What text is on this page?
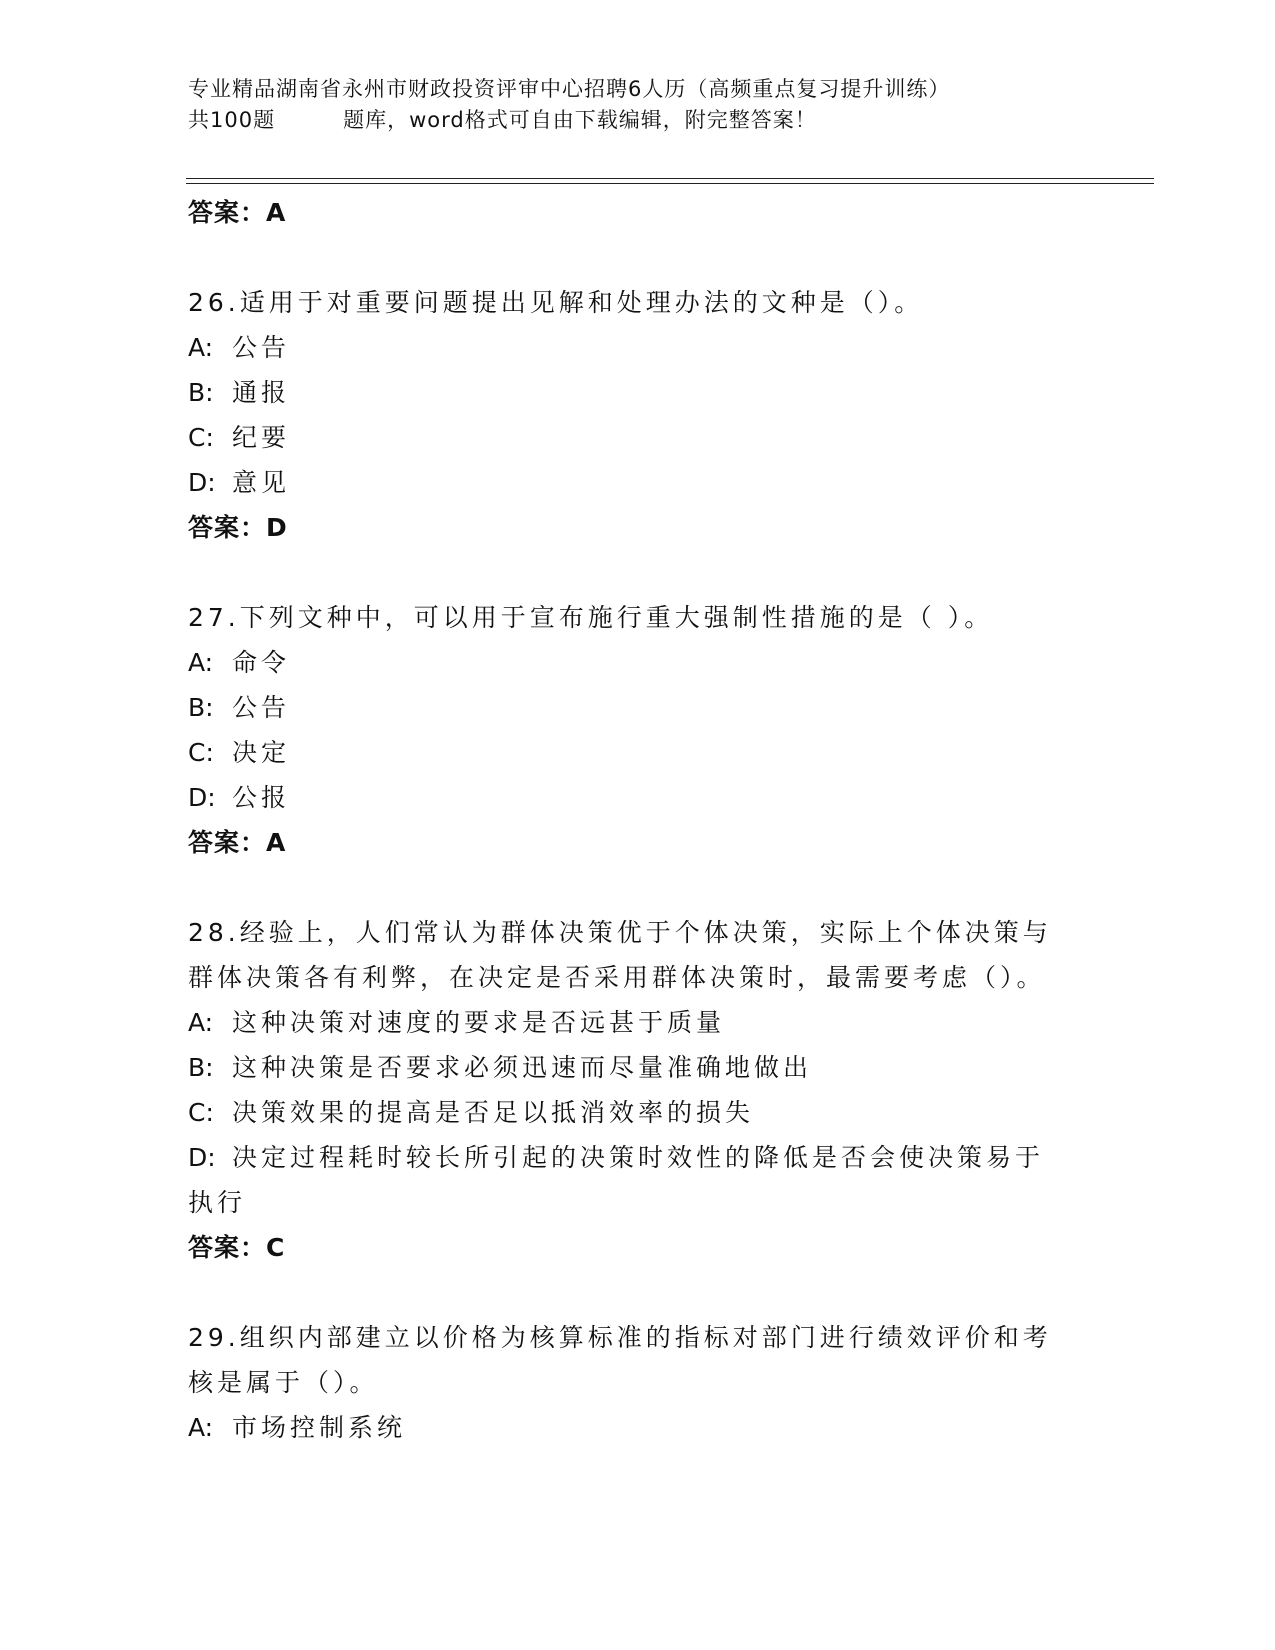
专业精品湖南省永州市财政投资评审中心招聘6人历（高频重点复习提升训练）
共100题	题库，word格式可自由下载编辑，附完整答案！
答案：A
26.适用于对重要问题提出见解和处理办法的文种是（）。
A: 公告
B: 通报
C: 纪要
D: 意见
答案：D
27.下列文种中，可以用于宣布施行重大强制性措施的是（ ）。
A: 命令
B: 公告
C: 决定
D: 公报
答案：A
28.经验上，人们常认为群体决策优于个体决策，实际上个体决策与群体决策各有利弊，在决定是否采用群体决策时，最需要考虑（）。
A: 这种决策对速度的要求是否远甚于质量
B: 这种决策是否要求必须迅速而尽量准确地做出
C: 决策效果的提高是否足以抵消效率的损失
D: 决定过程耗时较长所引起的决策时效性的降低是否会使决策易于执行
答案：C
29.组织内部建立以价格为核算标准的指标对部门进行绩效评价和考核是属于（）。
A: 市场控制系统
